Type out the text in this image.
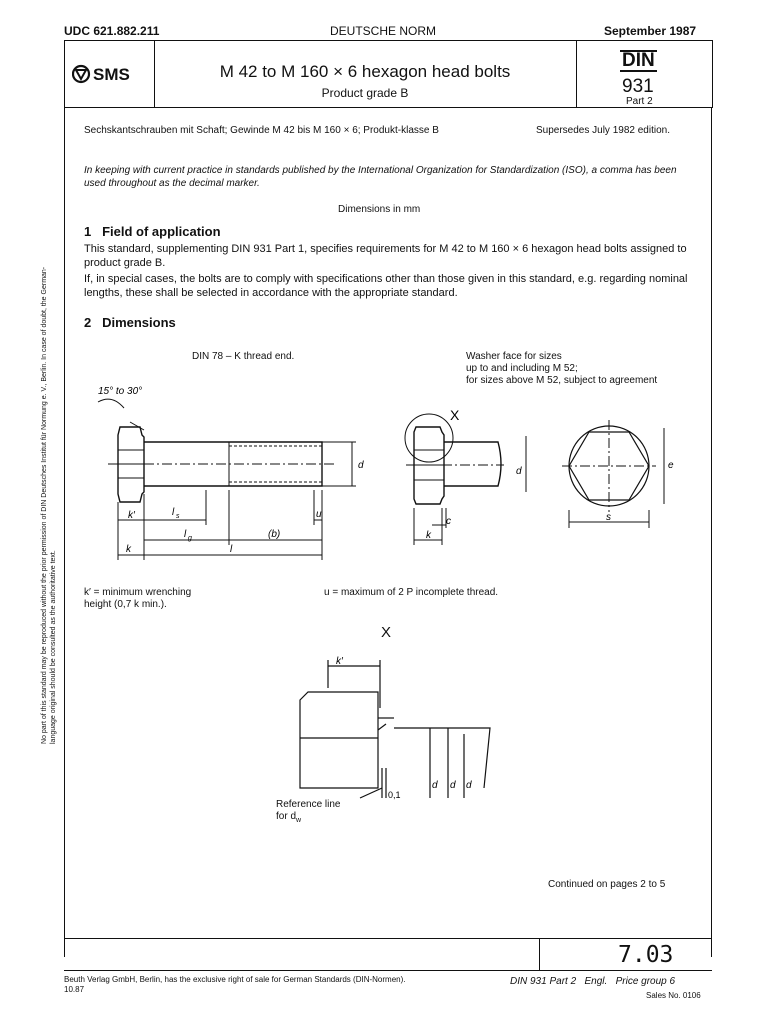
UDC 621.882.211	DEUTSCHE NORM	September 1987
SMS	M 42 to M 160 × 6 hexagon head bolts
Product grade B
DIN
931
Part 2
Sechskantschrauben mit Schaft; Gewinde M 42 bis M 160 × 6; Produkt-klasse B	Supersedes July 1982 edition.
In keeping with current practice in standards published by the International Organization for Standardization (ISO), a comma has been used throughout as the decimal marker.
Dimensions in mm
1 Field of application
This standard, supplementing DIN 931 Part 1, specifies requirements for M 42 to M 160 × 6 hexagon head bolts assigned to product grade B.
If, in special cases, the bolts are to comply with specifications other than those given in this standard, e.g. regarding nominal lengths, these shall be selected in accordance with the appropriate standard.
2 Dimensions
DIN 78 – K thread end.	Washer face for sizes
up to and including M 52;
for sizes above M 52, subject to agreement
15° to 30°
d
k′	l s
l g	(b)
u
k	l
X
d
c
k
e
s
k′ = minimum wrenching
height (0,7 k min.).
u = maximum of 2 P incomplete thread.
X
k′
0,1
d d d
Reference line
for $d_w$
Continued on pages 2 to 5
7.03
Beuth Verlag GmbH, Berlin, has the exclusive right of sale for German Standards (DIN-Normen).
10.87
DIN 931 Part 2   Engl.   Price group 6
Sales No. 0106
No part of this standard may be reproduced without the prior permission of DIN Deutsches Institut für Normung e. V., Berlin. In case of doubt, the German-language original should be consulted as the authoritative text.
